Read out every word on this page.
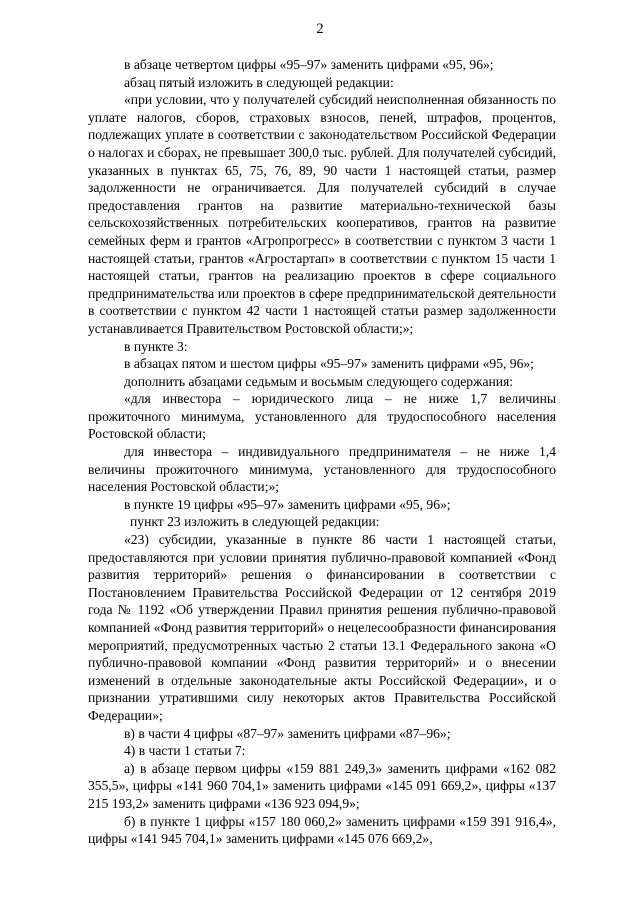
2

в абзаце четвертом цифры «95–97» заменить цифрами «95, 96»;

абзац пятый изложить в следующей редакции:

«при условии, что у получателей субсидий неисполненная обязанность по уплате налогов, сборов, страховых взносов, пеней, штрафов, процентов, подлежащих уплате в соответствии с законодательством Российской Федерации о налогах и сборах, не превышает 300,0 тыс. рублей. Для получателей субсидий, указанных в пунктах 65, 75, 76, 89, 90 части 1 настоящей статьи, размер задолженности не ограничивается. Для получателей субсидий в случае предоставления грантов на развитие материально-технической базы сельскохозяйственных потребительских кооперативов, грантов на развитие семейных ферм и грантов «Агропрогресс» в соответствии с пунктом 3 части 1 настоящей статьи, грантов «Агростартап» в соответствии с пунктом 15 части 1 настоящей статьи, грантов на реализацию проектов в сфере социального предпринимательства или проектов в сфере предпринимательской деятельности в соответствии с пунктом 42 части 1 настоящей статьи размер задолженности устанавливается Правительством Ростовской области;»;

в пункте 3:

в абзацах пятом и шестом цифры «95–97» заменить цифрами «95, 96»;

дополнить абзацами седьмым и восьмым следующего содержания:

«для инвестора – юридического лица – не ниже 1,7 величины прожиточного минимума, установленного для трудоспособного населения Ростовской области;

для инвестора – индивидуального предпринимателя – не ниже 1,4 величины прожиточного минимума, установленного для трудоспособного населения Ростовской области;»;

в пункте 19 цифры «95–97» заменить цифрами «95, 96»;

пункт 23 изложить в следующей редакции:

«23) субсидии, указанные в пункте 86 части 1 настоящей статьи, предоставляются при условии принятия публично-правовой компанией «Фонд развития территорий» решения о финансировании в соответствии с Постановлением Правительства Российской Федерации от 12 сентября 2019 года № 1192 «Об утверждении Правил принятия решения публично-правовой компанией «Фонд развития территорий» о нецелесообразности финансирования мероприятий, предусмотренных частью 2 статьи 13.1 Федерального закона «О публично-правовой компании «Фонд развития территорий» и о внесении изменений в отдельные законодательные акты Российской Федерации», и о признании утратившими силу некоторых актов Правительства Российской Федерации»;

в) в части 4 цифры «87–97» заменить цифрами «87–96»;

4) в части 1 статьи 7:

а) в абзаце первом цифры «159 881 249,3» заменить цифрами «162 082 355,5», цифры «141 960 704,1» заменить цифрами «145 091 669,2», цифры «137 215 193,2» заменить цифрами «136 923 094,9»;

б) в пункте 1 цифры «157 180 060,2» заменить цифрами «159 391 916,4», цифры «141 945 704,1» заменить цифрами «145 076 669,2»,
